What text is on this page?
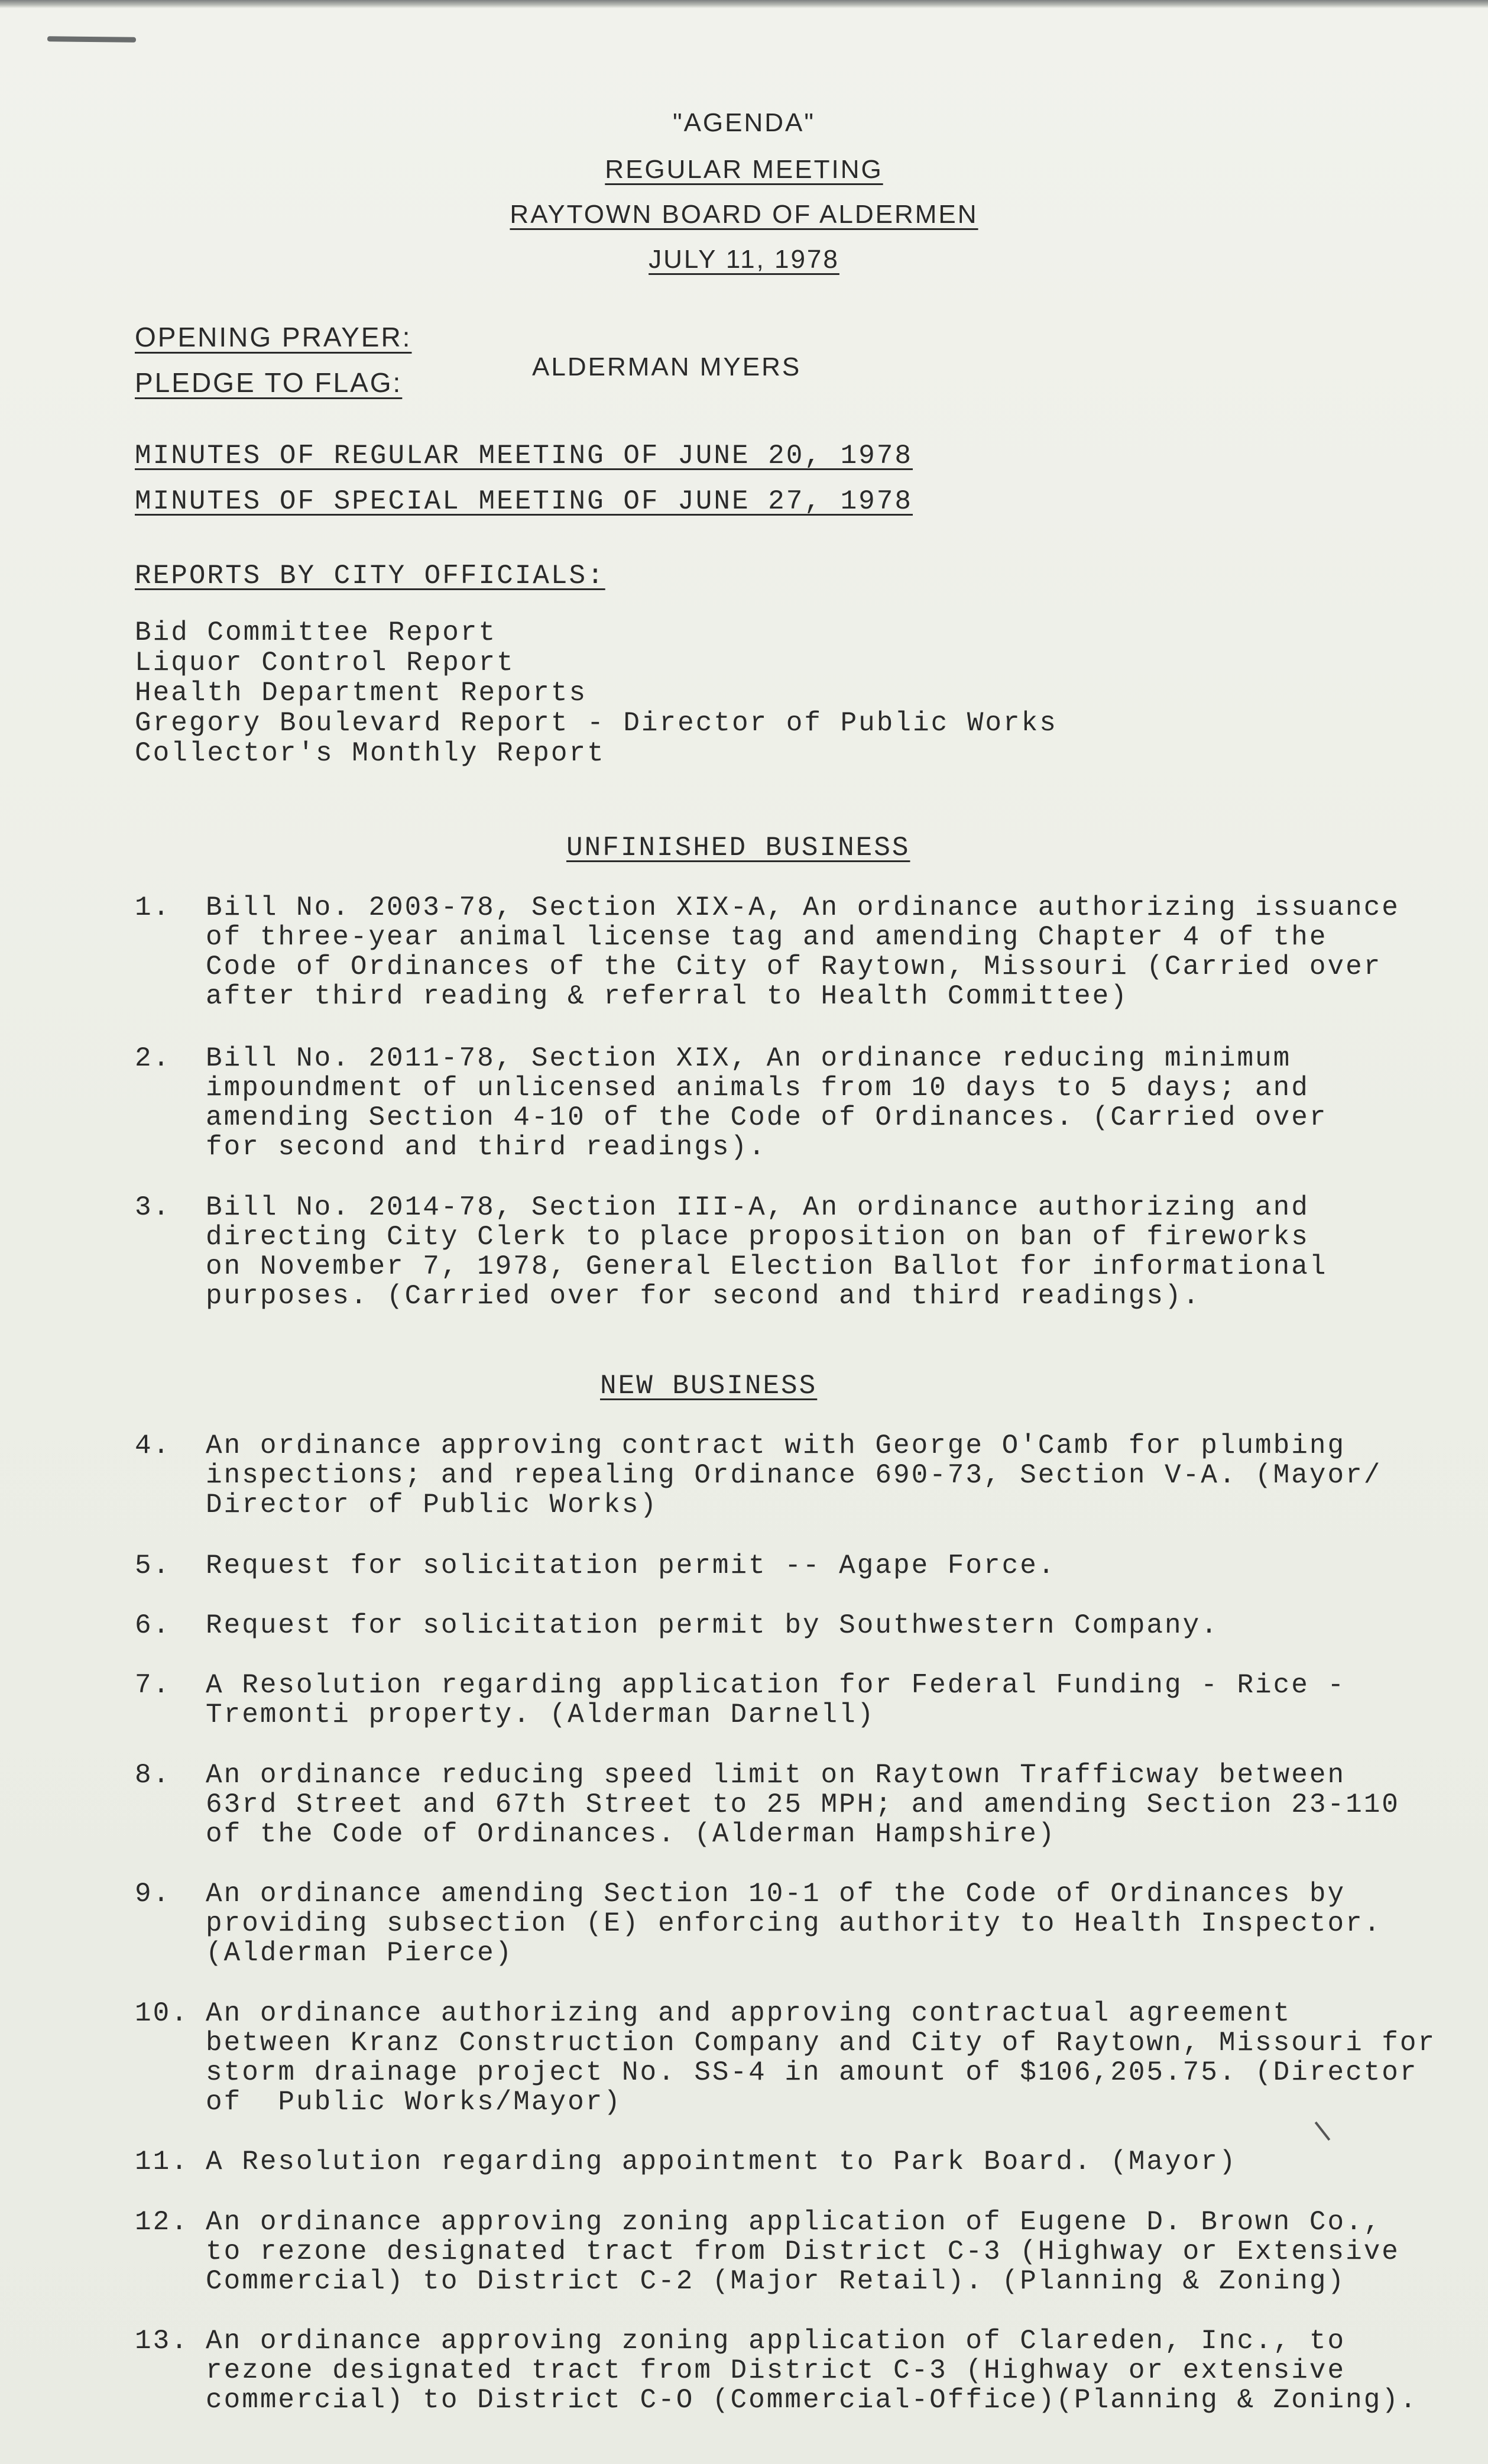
"AGENDA"
REGULAR MEETING
RAYTOWN BOARD OF ALDERMEN
JULY 11, 1978
OPENING PRAYER:
PLEDGE TO FLAG:
ALDERMAN MYERS
MINUTES OF REGULAR MEETING OF JUNE 20, 1978
MINUTES OF SPECIAL MEETING OF JUNE 27, 1978
REPORTS BY CITY OFFICIALS:
Bid Committee Report
Liquor Control Report
Health Department Reports
Gregory Boulevard Report - Director of Public Works
Collector's Monthly Report
UNFINISHED BUSINESS
1.	Bill No. 2003-78, Section XIX-A, An ordinance authorizing issuance
of three-year animal license tag and amending Chapter 4 of the
Code of Ordinances of the City of Raytown, Missouri (Carried over
after third reading & referral to Health Committee)
2.	Bill No. 2011-78, Section XIX, An ordinance reducing minimum
impoundment of unlicensed animals from 10 days to 5 days; and
amending Section 4-10 of the Code of Ordinances. (Carried over
for second and third readings).
3.	Bill No. 2014-78, Section III-A, An ordinance authorizing and
directing City Clerk to place proposition on ban of fireworks
on November 7, 1978, General Election Ballot for informational
purposes. (Carried over for second and third readings).
NEW BUSINESS
4.	An ordinance approving contract with George O'Camb for plumbing
inspections; and repealing Ordinance 690-73, Section V-A. (Mayor/
Director of Public Works)
5.	Request for solicitation permit -- Agape Force.
6.	Request for solicitation permit by Southwestern Company.
7.	A Resolution regarding application for Federal Funding - Rice -
Tremonti property. (Alderman Darnell)
8.	An ordinance reducing speed limit on Raytown Trafficway between
63rd Street and 67th Street to 25 MPH; and amending Section 23-110
of the Code of Ordinances. (Alderman Hampshire)
9.	An ordinance amending Section 10-1 of the Code of Ordinances by
providing subsection (E) enforcing authority to Health Inspector.
(Alderman Pierce)
10. An ordinance authorizing and approving contractual agreement
between Kranz Construction Company and City of Raytown, Missouri for
storm drainage project No. SS-4 in amount of $106,205.75. (Director
of  Public Works/Mayor)
11. A Resolution regarding appointment to Park Board. (Mayor)
12. An ordinance approving zoning application of Eugene D. Brown Co.,
to rezone designated tract from District C-3 (Highway or Extensive
Commercial) to District C-2 (Major Retail). (Planning & Zoning)
13. An ordinance approving zoning application of Clareden, Inc., to
rezone designated tract from District C-3 (Highway or extensive
commercial) to District C-O (Commercial-Office)(Planning & Zoning).
